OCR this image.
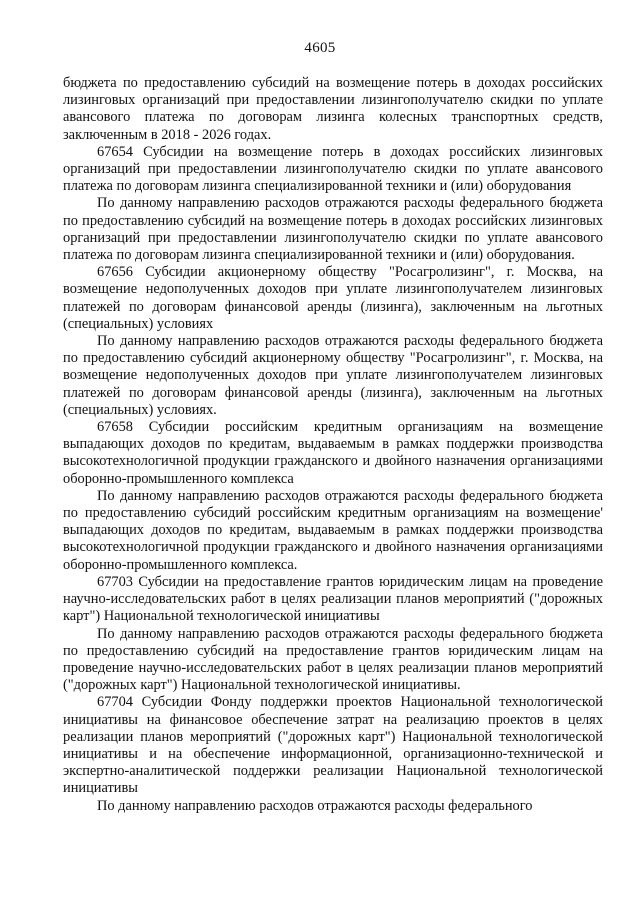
4605

бюджета по предоставлению субсидий на возмещение потерь в доходах российских лизинговых организаций при предоставлении лизингополучателю скидки по уплате авансового платежа по договорам лизинга колесных транспортных средств, заключенным в 2018 - 2026 годах.

67654 Субсидии на возмещение потерь в доходах российских лизинговых организаций при предоставлении лизингополучателю скидки по уплате авансового платежа по договорам лизинга специализированной техники и (или) оборудования

По данному направлению расходов отражаются расходы федерального бюджета по предоставлению субсидий на возмещение потерь в доходах российских лизинговых организаций при предоставлении лизингополучателю скидки по уплате авансового платежа по договорам лизинга специализированной техники и (или) оборудования.

67656 Субсидии акционерному обществу "Росагролизинг", г. Москва, на возмещение недополученных доходов при уплате лизингополучателем лизинговых платежей по договорам финансовой аренды (лизинга), заключенным на льготных (специальных) условиях

По данному направлению расходов отражаются расходы федерального бюджета по предоставлению субсидий акционерному обществу "Росагролизинг", г. Москва, на возмещение недополученных доходов при уплате лизингополучателем лизинговых платежей по договорам финансовой аренды (лизинга), заключенным на льготных (специальных) условиях.

67658 Субсидии российским кредитным организациям на возмещение выпадающих доходов по кредитам, выдаваемым в рамках поддержки производства высокотехнологичной продукции гражданского и двойного назначения организациями оборонно-промышленного комплекса

По данному направлению расходов отражаются расходы федерального бюджета по предоставлению субсидий российским кредитным организациям на возмещение' выпадающих доходов по кредитам, выдаваемым в рамках поддержки производства высокотехнологичной продукции гражданского и двойного назначения организациями оборонно-промышленного комплекса.

67703 Субсидии на предоставление грантов юридическим лицам на проведение научно-исследовательских работ в целях реализации планов мероприятий ("дорожных карт") Национальной технологической инициативы

По данному направлению расходов отражаются расходы федерального бюджета по предоставлению субсидий на предоставление грантов юридическим лицам на проведение научно-исследовательских работ в целях реализации планов мероприятий ("дорожных карт") Национальной технологической инициативы.

67704 Субсидии Фонду поддержки проектов Национальной технологической инициативы на финансовое обеспечение затрат на реализацию проектов в целях реализации планов мероприятий ("дорожных карт") Национальной технологической инициативы и на обеспечение информационной, организационно-технической и экспертно-аналитической поддержки реализации Национальной технологической инициативы

По данному направлению расходов отражаются расходы федерального
